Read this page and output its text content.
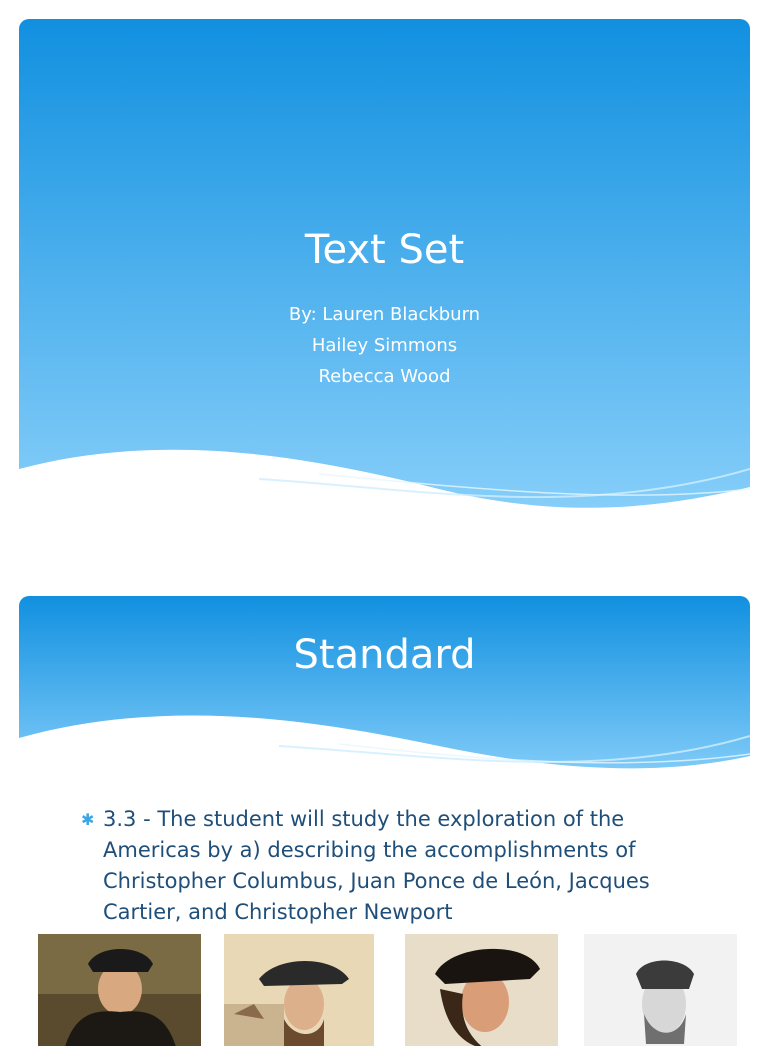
Text Set
By: Lauren Blackburn
Hailey Simmons
Rebecca Wood
Standard
✱ 3.3 - The student will study the exploration of the Americas by a) describing the accomplishments of Christopher Columbus, Juan Ponce de León, Jacques Cartier, and Christopher Newport
